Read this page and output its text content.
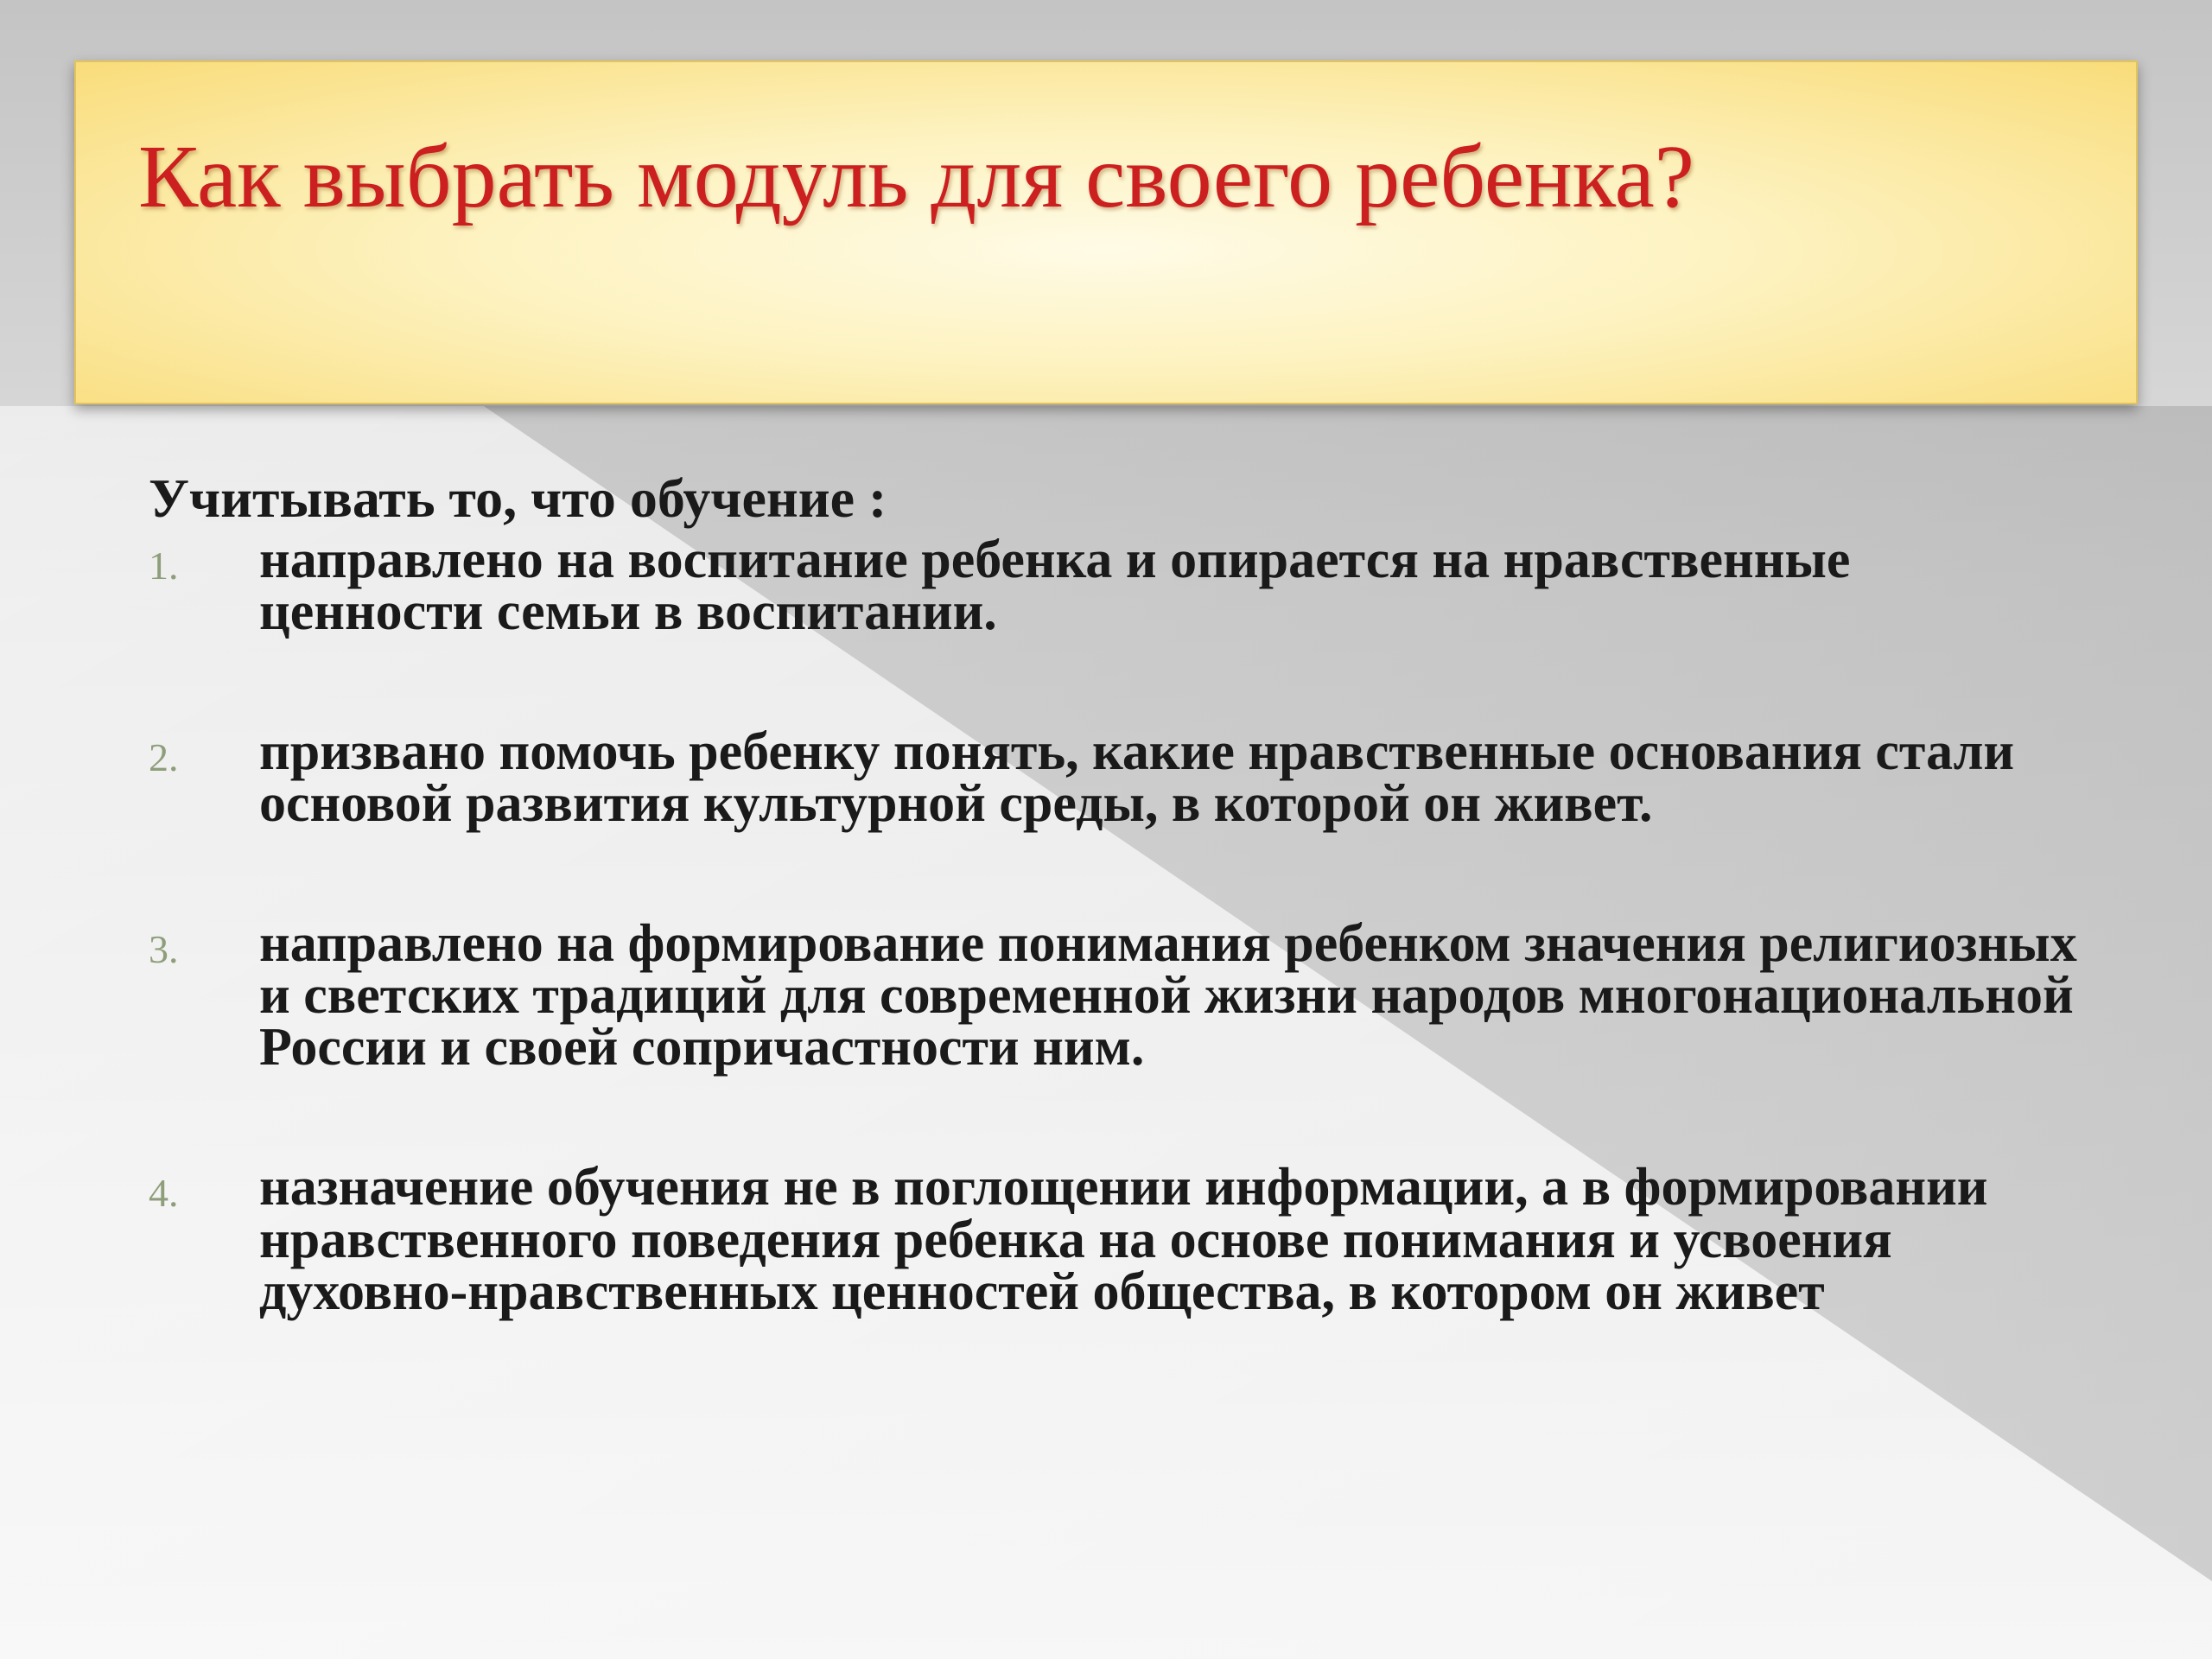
Как выбрать модуль для своего ребенка?

Учитывать то, что обучение :

1. направлено на воспитание ребенка и опирается на нравственные ценности семьи в воспитании.
2. призвано помочь ребенку понять, какие нравственные основания стали основой развития культурной среды, в которой он живет.
3. направлено на формирование понимания ребенком значения религиозных и светских традиций для современной жизни народов многонациональной России и своей сопричастности ним.
4. назначение обучения не в поглощении информации, а в формировании нравственного поведения ребенка на основе понимания и усвоения духовно-нравственных ценностей общества, в котором он живет
